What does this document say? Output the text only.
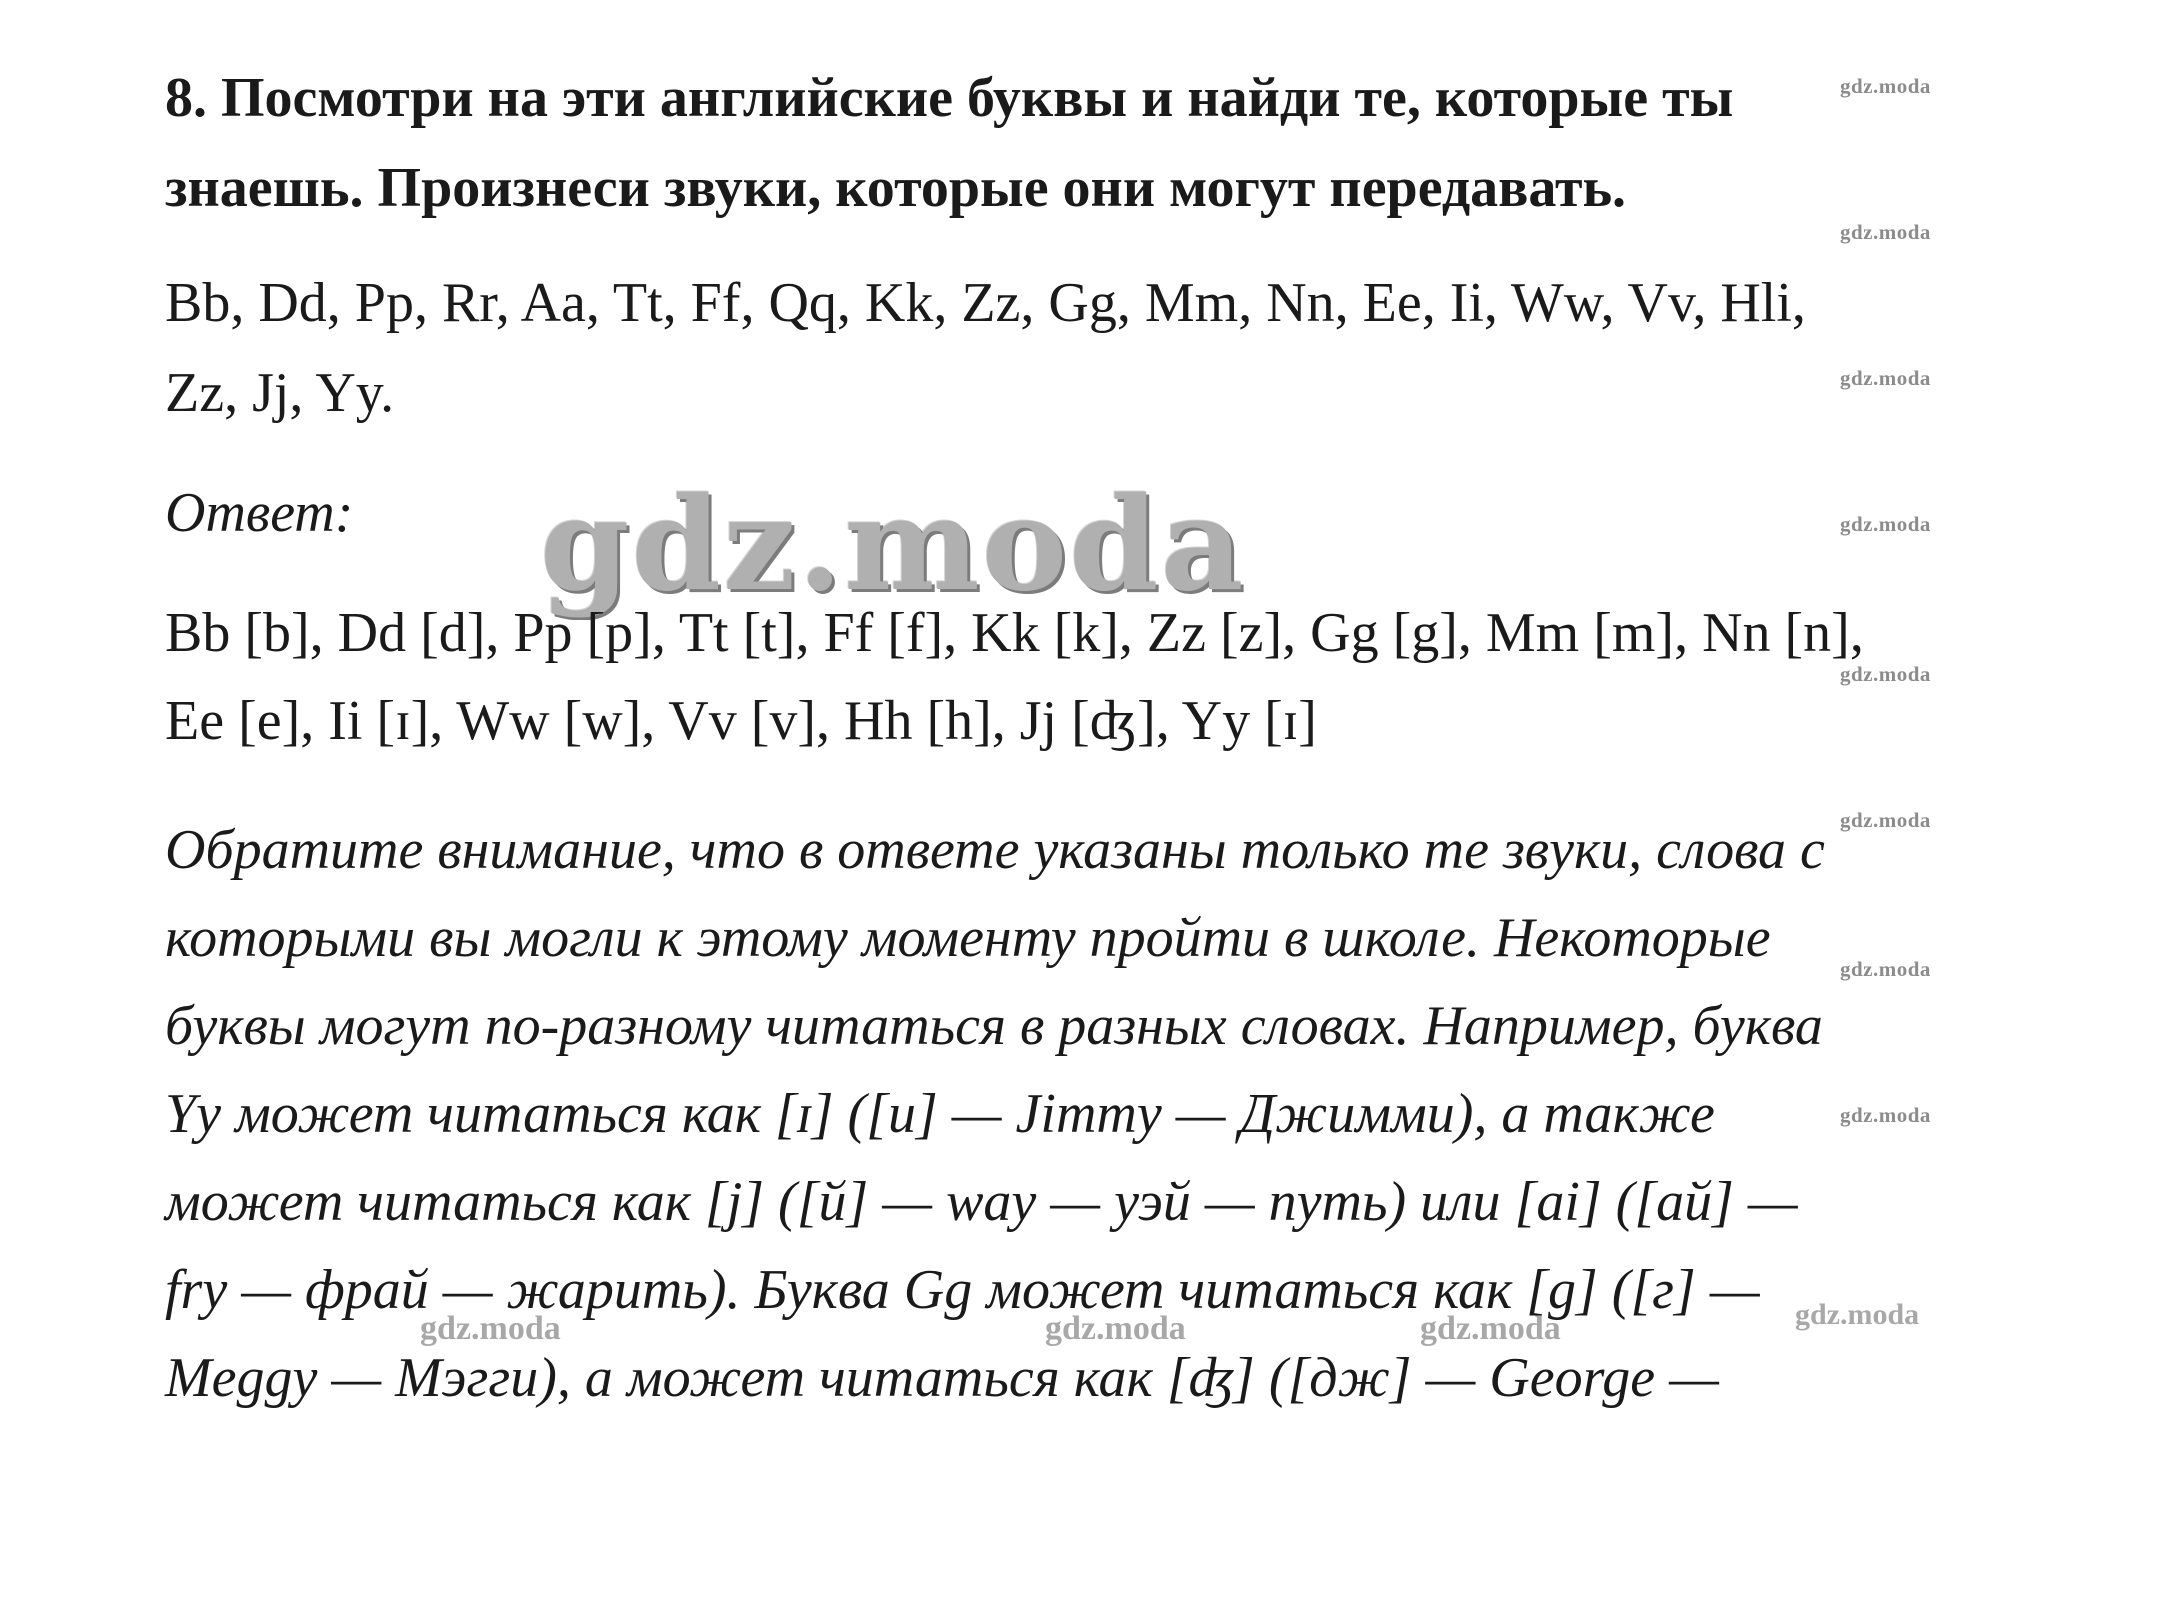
8. Посмотри на эти английские буквы и найди те, которые ты
знаешь. Произнеси звуки, которые они могут передавать.
Bb, Dd, Pp, Rr, Aa, Tt, Ff, Qq, Kk, Zz, Gg, Mm, Nn, Ee, Ii, Ww, Vv, Hli,
Zz, Jj, Yy.
Ответ: gdz.moda
Bb [b], Dd [d], Pp [p], Tt [t], Ff [f], Kk [k], Zz [z], Gg [g], Mm [m], Nn [n],
Ee [e], Ii [ɪ], Ww [w], Vv [v], Hh [h], Jj [ʤ], Yy [ɪ]
Обратите внимание, что в ответе указаны только те звуки, слова с
которыми вы могли к этому моменту пройти в школе. Некоторые
буквы могут по-разному читаться в разных словах. Например, буква
Yy может читаться как [ɪ] ([и] — Jimmy — Джимми), а также
может читаться как [j] ([й] — way — уэй — путь) или [ai] ([ай] —
fry — фрай — жарить). Буква Gg может читаться как [g] ([г] —
Meggy — Мэгги), а может читаться как [ʤ] ([дж] — George —
gdz.moda
gdz.moda
gdz.moda
gdz.moda
gdz.moda
gdz.moda
gdz.moda
gdz.moda
gdz.moda	gdz.moda	gdz.moda	gdz.moda
